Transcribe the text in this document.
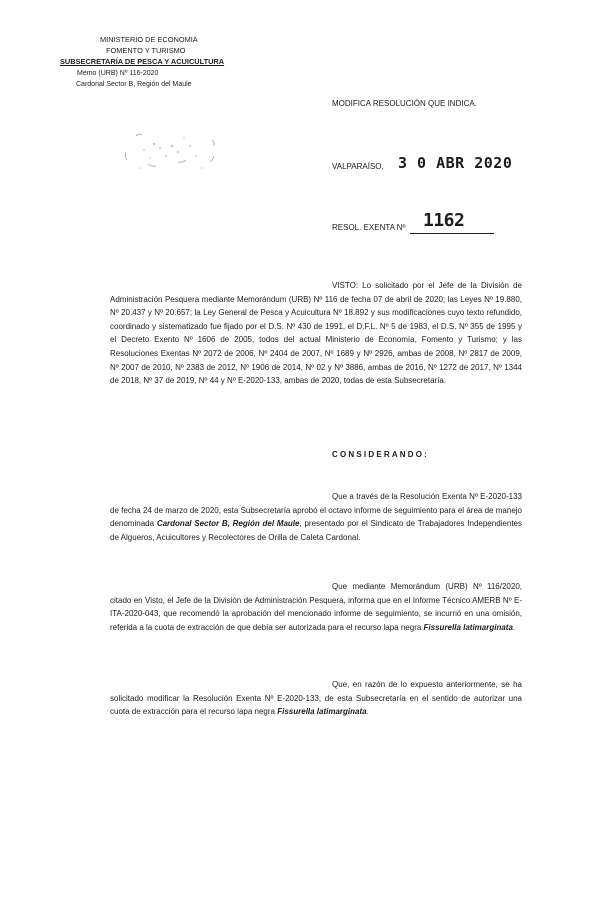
MINISTERIO DE ECONOMIA
FOMENTO Y TURISMO
SUBSECRETARÍA DE PESCA Y ACUICULTURA
Memo (URB) Nº 116-2020
Cardonal Sector B, Región del Maule
MODIFICA RESOLUCIÓN QUE INDICA.
VALPARAÍSO, 3 0 ABR 2020
RESOL. EXENTA Nº 1162
VISTO: Lo solicitado por el Jefe de la División de Administración Pesquera mediante Memorándum (URB) Nº 116 de fecha 07 de abril de 2020; las Leyes Nº 19.880, Nº 20.437 y Nº 20.657; la Ley General de Pesca y Acuicultura Nº 18.892 y sus modificaciones cuyo texto refundido, coordinado y sistematizado fue fijado por el D.S. Nº 430 de 1991, el D.F.L. Nº 5 de 1983, el D.S. Nº 355 de 1995 y el Decreto Exento Nº 1606 de 2005, todos del actual Ministerio de Economía, Fomento y Turismo; y las Resoluciones Exentas Nº 2072 de 2006, Nº 2404 de 2007, Nº 1689 y Nº 2926, ambas de 2008, Nº 2817 de 2009, Nº 2007 de 2010, Nº 2383 de 2012, Nº 1906 de 2014, Nº 02 y Nº 3886, ambas de 2016, Nº 1272 de 2017, Nº 1344 de 2018, Nº 37 de 2019, Nº 44 y Nº E-2020-133, ambas de 2020, todas de esta Subsecretaría.
CONSIDERANDO:
Que a través de la Resolución Exenta Nº E-2020-133 de fecha 24 de marzo de 2020, esta Subsecretaría aprobó el octavo informe de seguimiento para el área de manejo denominada Cardonal Sector B, Región del Maule, presentado por el Sindicato de Trabajadores Independientes de Algueros, Acuicultores y Recolectores de Orilla de Caleta Cardonal.
Que mediante Memorándum (URB) Nº 116/2020, citado en Visto, el Jefe de la División de Administración Pesquera, informa que en el Informe Técnico AMERB Nº E-ITA-2020-043, que recomendó la aprobación del mencionado informe de seguimiento, se incurrió en una omisión, referida a la cuota de extracción de que debía ser autorizada para el recurso lapa negra Fissurella latimarginata.
Que, en razón de lo expuesto anteriormente, se ha solicitado modificar la Resolución Exenta Nº E-2020-133, de esta Subsecretaría en el sentido de autorizar una cuota de extracción para el recurso lapa negra Fissurella latimarginata.
